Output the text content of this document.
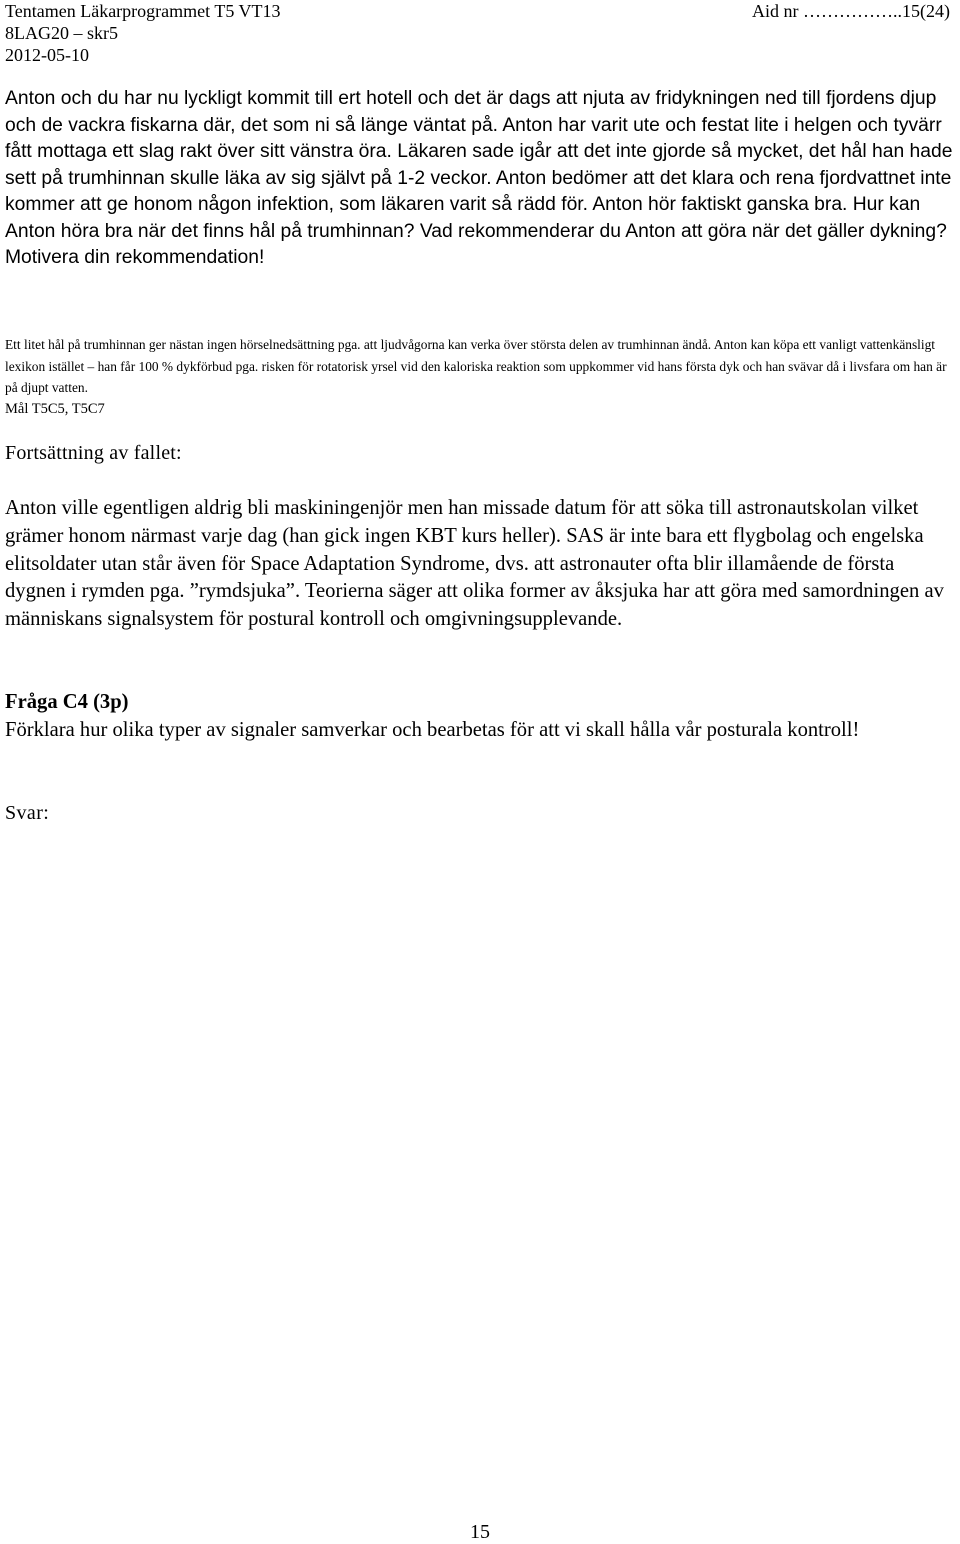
Tentamen Läkarprogrammet T5 VT13	Aid nr ……………..15(24)
8LAG20 – skr5
2012-05-10

Anton och du har nu lyckligt kommit till ert hotell och det är dags att njuta av fridykningen ned till fjordens djup och de vackra fiskarna där, det som ni så länge väntat på. Anton har varit ute och festat lite i helgen och tyvärr fått mottaga ett slag rakt över sitt vänstra öra. Läkaren sade igår att det inte gjorde så mycket, det hål han hade sett på trumhinnan skulle läka av sig självt på 1-2 veckor. Anton bedömer att det klara och rena fjordvattnet inte kommer att ge honom någon infektion, som läkaren varit så rädd för. Anton hör faktiskt ganska bra. Hur kan Anton höra bra när det finns hål på trumhinnan? Vad rekommenderar du Anton att göra när det gäller dykning? Motivera din rekommendation!

Ett litet hål på trumhinnan ger nästan ingen hörselnedsättning pga. att ljudvågorna kan verka över största delen av trumhinnan ändå. Anton kan köpa ett vanligt vattenkänsligt lexikon istället – han får 100 % dykförbud pga. risken för rotatorisk yrsel vid den kaloriska reaktion som uppkommer vid hans första dyk och han svävar då i livsfara om han är på djupt vatten.

Mål T5C5, T5C7

Fortsättning av fallet:

Anton ville egentligen aldrig bli maskiningenjör men han missade datum för att söka till astronautskolan vilket grämer honom närmast varje dag (han gick ingen KBT kurs heller). SAS är inte bara ett flygbolag och engelska elitsoldater utan står även för Space Adaptation Syndrome, dvs. att astronauter ofta blir illamående de första dygnen i rymden pga. ”rymdsjuka”. Teorierna säger att olika former av åksjuka har att göra med samordningen av människans signalsystem för postural kontroll och omgivningsupplevande.

Fråga C4 (3p)

Förklara hur olika typer av signaler samverkar och bearbetas för att vi skall hålla vår posturala kontroll!

Svar:
15
